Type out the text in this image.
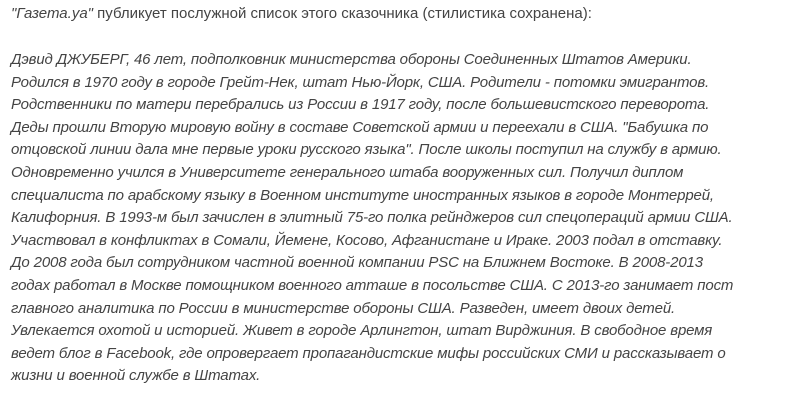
"Газета.уа" публикует послужной список этого сказочника (стилистика сохранена):

Дэвид ДЖУБЕРГ, 46 лет, подполковник министерства обороны Соединенных Штатов Америки.
Родился в 1970 году в городе Грейт-Нек, штат Нью-Йорк, США. Родители - потомки эмигрантов.
Родственники по матери перебрались из России в 1917 году, после большевистского переворота.
Деды прошли Вторую мировую войну в составе Советской армии и переехали в США. "Бабушка по
отцовской линии дала мне первые уроки русского языка". После школы поступил на службу в армию.
Одновременно учился в Университете генерального штаба вооруженных сил. Получил диплом
специалиста по арабскому языку в Военном институте иностранных языков в городе Монтеррей,
Калифорния. В 1993-м был зачислен в элитный 75-го полка рейнджеров сил спецопераций армии США.
Участвовал в конфликтах в Сомали, Йемене, Косово, Афганистане и Ираке. 2003 подал в отставку.
До 2008 года был сотрудником частной военной компании PSC на Ближнем Востоке. В 2008-2013
годах работал в Москве помощником военного атташе в посольстве США. С 2013-го занимает пост
главного аналитика по России в министерстве обороны США. Разведен, имеет двоих детей.
Увлекается охотой и историей. Живет в городе Арлингтон, штат Вирджиния. В свободное время
ведет блог в Facebook, где опровергает пропагандистские мифы российских СМИ и рассказывает о
жизни и военной службе в Штатах.
